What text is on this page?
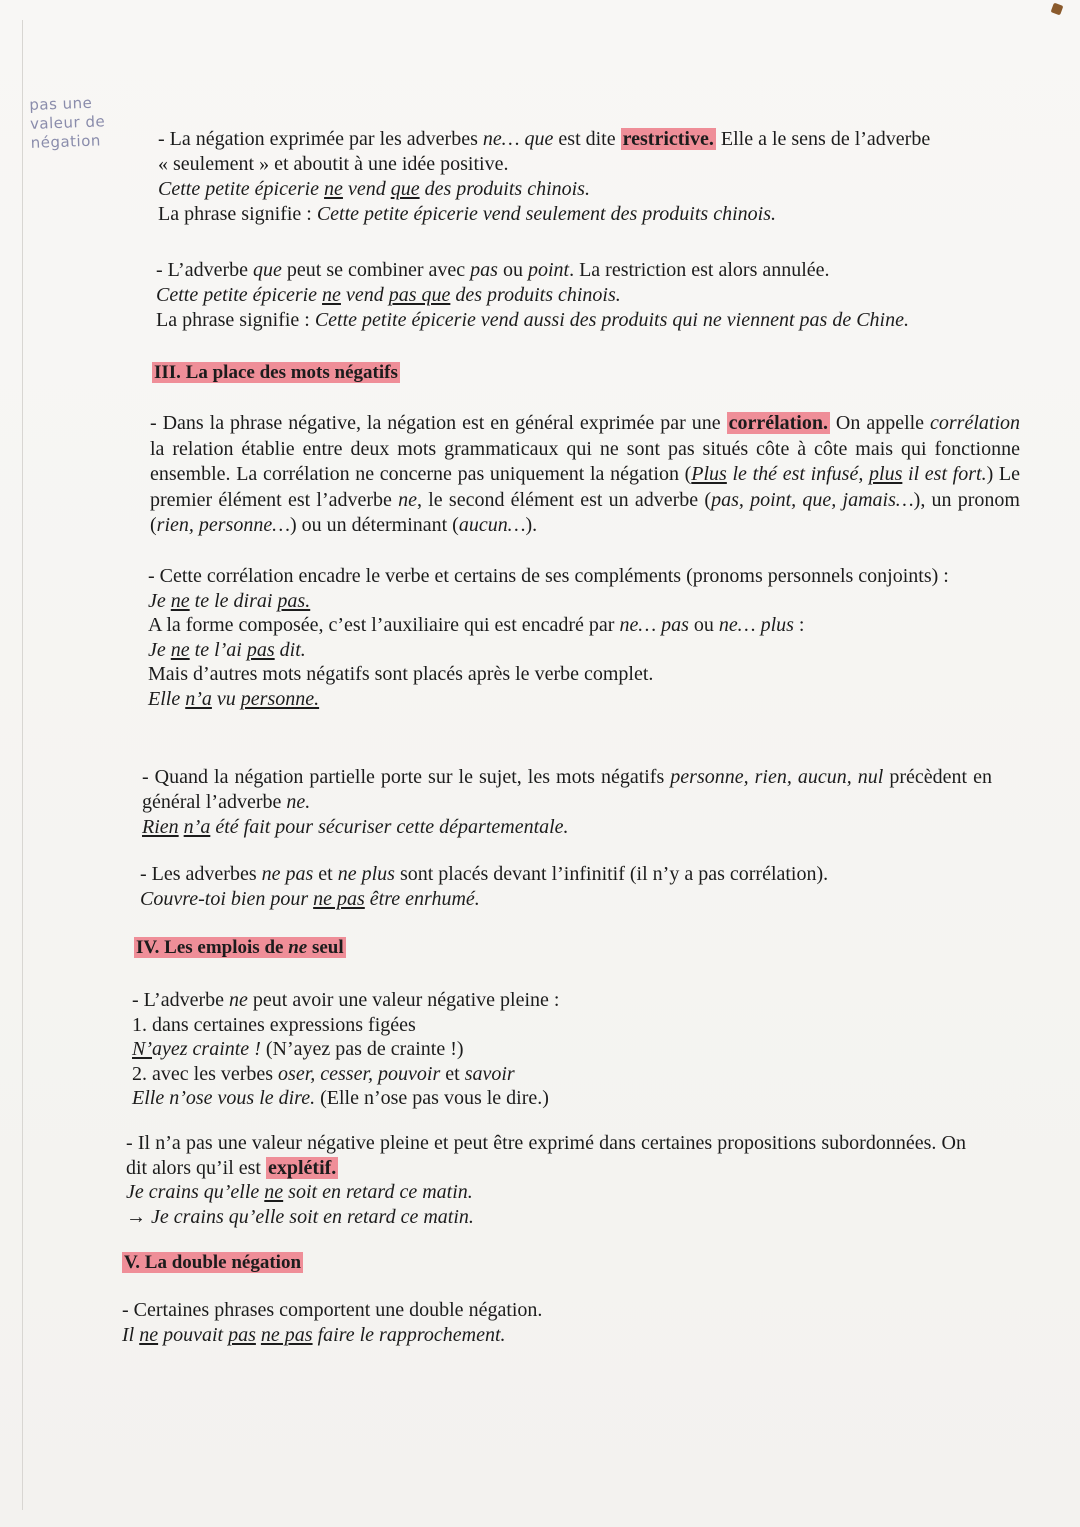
pas une
valeur de
négation	- La négation exprimée par les adverbes ne… que est dite restrictive. Elle a le sens de l’adverbe

« seulement » et aboutit à une idée positive.

Cette petite épicerie ne vend que des produits chinois.

La phrase signifie : Cette petite épicerie vend seulement des produits chinois.

- L’adverbe que peut se combiner avec pas ou point. La restriction est alors annulée.

Cette petite épicerie ne vend pas que des produits chinois.

La phrase signifie : Cette petite épicerie vend aussi des produits qui ne viennent pas de Chine.

III. La place des mots négatifs

- Dans la phrase négative, la négation est en général exprimée par une corrélation. On appelle corrélation la relation établie entre deux mots grammaticaux qui ne sont pas situés côte à côte mais qui fonctionne ensemble. La corrélation ne concerne pas uniquement la négation (Plus le thé est infusé, plus il est fort.) Le premier élément est l’adverbe ne, le second élément est un adverbe (pas, point, que, jamais…), un pronom (rien, personne…) ou un déterminant (aucun…).

- Cette corrélation encadre le verbe et certains de ses compléments (pronoms personnels conjoints) :

Je ne te le dirai pas.

A la forme composée, c’est l’auxiliaire qui est encadré par ne… pas ou ne… plus :

Je ne te l’ai pas dit.

Mais d’autres mots négatifs sont placés après le verbe complet.

Elle n’a vu personne.

- Quand la négation partielle porte sur le sujet, les mots négatifs personne, rien, aucun, nul précèdent en général l’adverbe ne.

Rien n’a été fait pour sécuriser cette départementale.

- Les adverbes ne pas et ne plus sont placés devant l’infinitif (il n’y a pas corrélation).

Couvre-toi bien pour ne pas être enrhumé.

IV. Les emplois de ne seul

- L’adverbe ne peut avoir une valeur négative pleine :

1. dans certaines expressions figées

N’ayez crainte ! (N’ayez pas de crainte !)

2. avec les verbes oser, cesser, pouvoir et savoir

Elle n’ose vous le dire. (Elle n’ose pas vous le dire.)

- Il n’a pas une valeur négative pleine et peut être exprimé dans certaines propositions subordonnées. On dit alors qu’il est explétif.

Je crains qu’elle ne soit en retard ce matin.

→ Je crains qu’elle soit en retard ce matin.

V. La double négation

- Certaines phrases comportent une double négation.

Il ne pouvait pas ne pas faire le rapprochement.
